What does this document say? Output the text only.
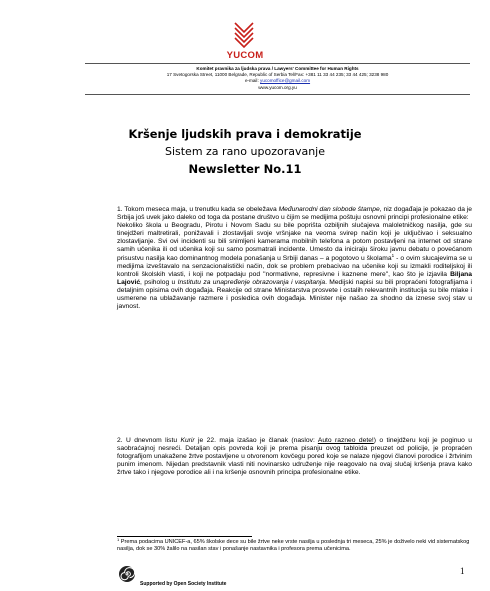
YUCOM
Komitet pravnika za ljudska prava / Lawyers' Committee for Human Rights
17 Svetogorska Street, 11000 Belgrade, Republic of Serbia Tel/Fax: +381 11 33 44 235; 33 44 425; 3238 980
e-mail: yucomoffice@gmail.com
www.yucom.org.yu
Kršenje ljudskih prava i demokratije
Sistem za rano upozoravanje
Newsletter No.11
1. Tokom meseca maja, u trenutku kada se obeležava Međunarodni dan slobode štampe, niz događaja je pokazao da je Srbija još uvek jako daleko od toga da postane društvo u čijim se medijima poštuju osnovni principi profesionalne etike:
Nekoliko škola u Beogradu, Pirotu i Novom Sadu su bile poprišta ozbiljnih slučajeva maloletničkog nasilja, gde su tinejdžeri maltretirali, ponižavali i zlostavljali svoje vršnjake na veoma svirep način koji je uključivao i seksualno zlostavljanje. Svi ovi incidenti su bili snimljeni kamerama mobilnih telefona a potom postavljeni na internet od strane samih učenika ili od učenika koji su samo posmatrali incidente. Umesto da iniciraju široku javnu debatu o povećanom prisustvu nasilja kao dominantnog modela ponašanja u Srbiji danas – a pogotovo u školama$^1$ - o ovim slucajevima se u medijima izveštavalo na senzacionalistički način, dok se problem prebacivao na učenike koji su izmakli roditeljskoj ili kontroli školskih vlasti, i koji ne potpadaju pod "normativne, represivne i kaznene mere", kao što je izjavila Biljana Lajović, psiholog u Institutu za unapređenje obrazovanja i vaspitanja. Medijski napisi su bili propraćeni fotografijama i detaljnim opisima ovih događaja. Reakcije od strane Ministarstva prosvete i ostalih relevantnih institucija su bile mlake i usmerene na ublažavanje razmere i posledica ovih događaja. Minister nije našao za shodno da iznese svoj stav u javnost.
2. U dnevnom listu Kurir je 22. maja izašao je članak (naslov: Auto razneo dete!) o tinejdžeru koji je poginuo u saobraćajnoj nesreći. Detaljan opis povreda koji je prema pisanju ovog tabloida preuzet od policije, je propraćen fotografijom unakažene žrtve postavljene u otvorenom kovčegu pored koje se nalaze njegovi članovi porodice i žrtvinim punim imenom. Nijedan predstavnik vlasti niti novinarsko udruženje nije reagovalo na ovaj slučaj kršenja prava kako žrtve tako i njegove porodice ali i na kršenje osnovnih principa profesionalne etike.
$^1$ Prema podacima UNICEF-a, 65% školske dece su bile žrtve neke vrste nasilja u poslednja tri meseca, 25% je doživelo neki vid sistematskog nasilja, dok se 30% žalilo na nasilan stav i ponašanje nastavnika i profesora prema učenicima.
Supported by Open Society Institute
1
